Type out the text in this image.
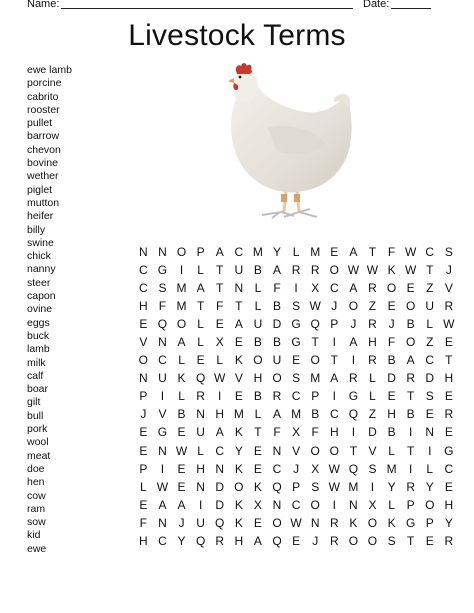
Name:	Date:
Livestock Terms
ewe lamb
porcine
cabrito
rooster
pullet
barrow
chevon
bovine
wether
piglet
mutton
heifer
billy
swine
chick
nanny
steer
capon
ovine
eggs
buck
lamb
milk
calf
boar
gilt
bull
pork
wool
meat
doe
hen
cow
ram
sow
kid
ewe
N N O P A C M Y L M E A T F W C S
C G I L T U B A R R O W W K W T J
C S M A T N L F I X C A R O E Z V
H F M T F T L B S W J O Z E O U R
E Q O L E A U D G Q P J R J B L W
V N A L X E B B G T I A H F O Z E
O C L E L K O U E O T I R B A C T
N U K Q W V H O S M A R L D R D H
P I L R I E B R C P I G L E T S E
J V B N H M L A M B C Q Z H B E R
E G E U A K T F X F H I D B I N E
E N W L C Y E N V O O T V L T I G
P I E H N K E C J X W Q S M I L C
L W E N D O K Q P S W M I Y R Y E
E A A I D K X N C O I N X L P O H
F N J U Q K E O W N R K O K G P Y
H C Y Q R H A Q E J R O O S T E R
